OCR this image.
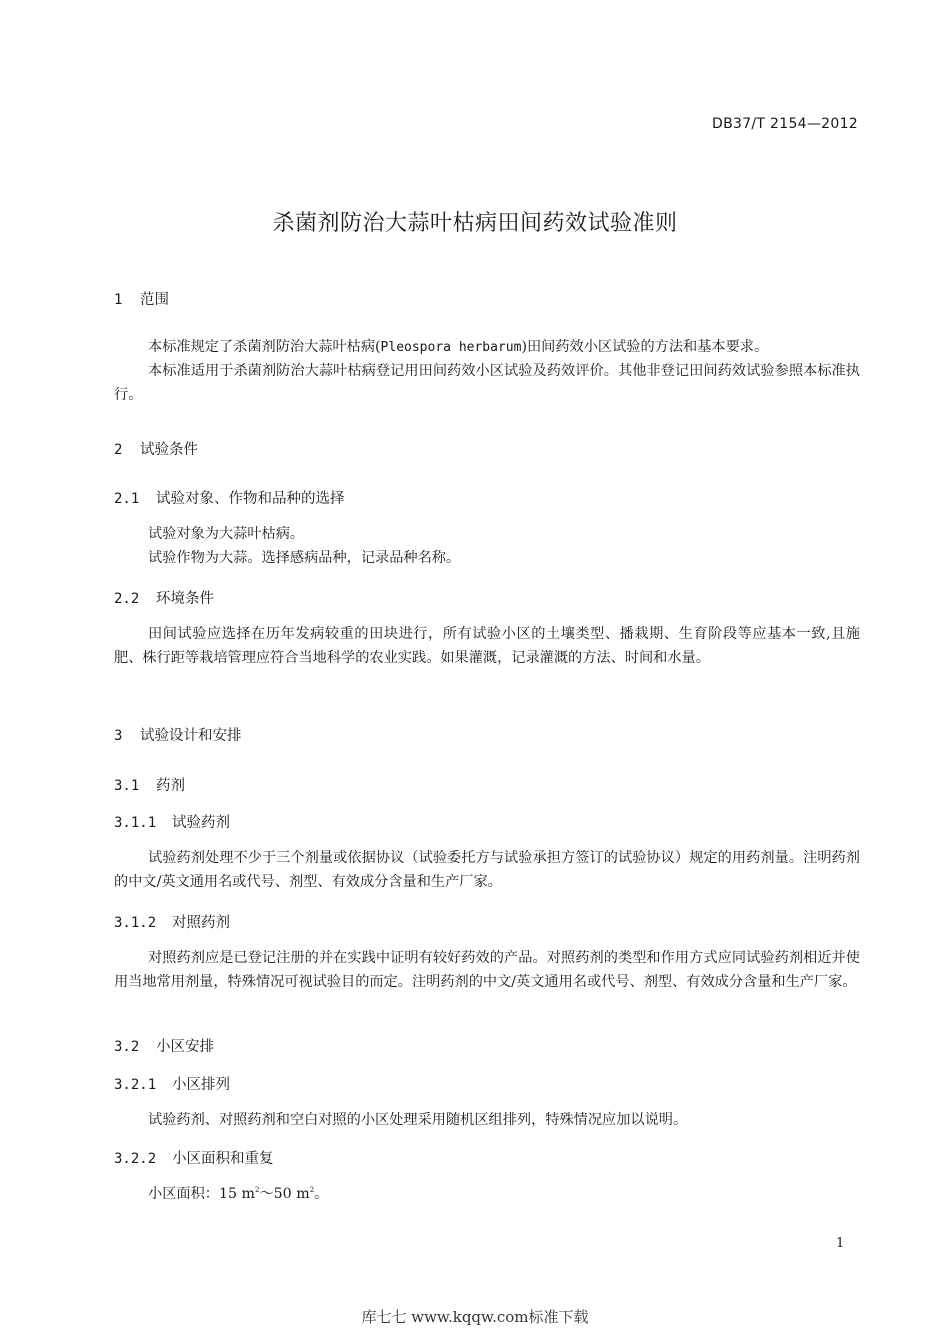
DB37/T 2154—2012
杀菌剂防治大蒜叶枯病田间药效试验准则
1 范围

本标准规定了杀菌剂防治大蒜叶枯病(Pleospora herbarum)田间药效小区试验的方法和基本要求。

本标准适用于杀菌剂防治大蒜叶枯病登记用田间药效小区试验及药效评价。其他非登记田间药效试验参照本标准执行。

2 试验条件
2.1 试验对象、作物和品种的选择

试验对象为大蒜叶枯病。

试验作物为大蒜。选择感病品种，记录品种名称。

2.2 环境条件

田间试验应选择在历年发病较重的田块进行，所有试验小区的土壤类型、播栽期、生育阶段等应基本一致,且施肥、株行距等栽培管理应符合当地科学的农业实践。如果灌溉，记录灌溉的方法、时间和水量。

3 试验设计和安排
3.1 药剂
3.1.1 试验药剂

试验药剂处理不少于三个剂量或依据协议（试验委托方与试验承担方签订的试验协议）规定的用药剂量。注明药剂的中文/英文通用名或代号、剂型、有效成分含量和生产厂家。

3.1.2 对照药剂

对照药剂应是已登记注册的并在实践中证明有较好药效的产品。对照药剂的类型和作用方式应同试验药剂相近并使用当地常用剂量，特殊情况可视试验目的而定。注明药剂的中文/英文通用名或代号、剂型、有效成分含量和生产厂家。

3.2 小区安排
3.2.1 小区排列

试验药剂、对照药剂和空白对照的小区处理采用随机区组排列，特殊情况应加以说明。

3.2.2 小区面积和重复

小区面积：15 $m^2\sim 50$ $m^2$。

1
库七七 www.kqqw.com标准下载
